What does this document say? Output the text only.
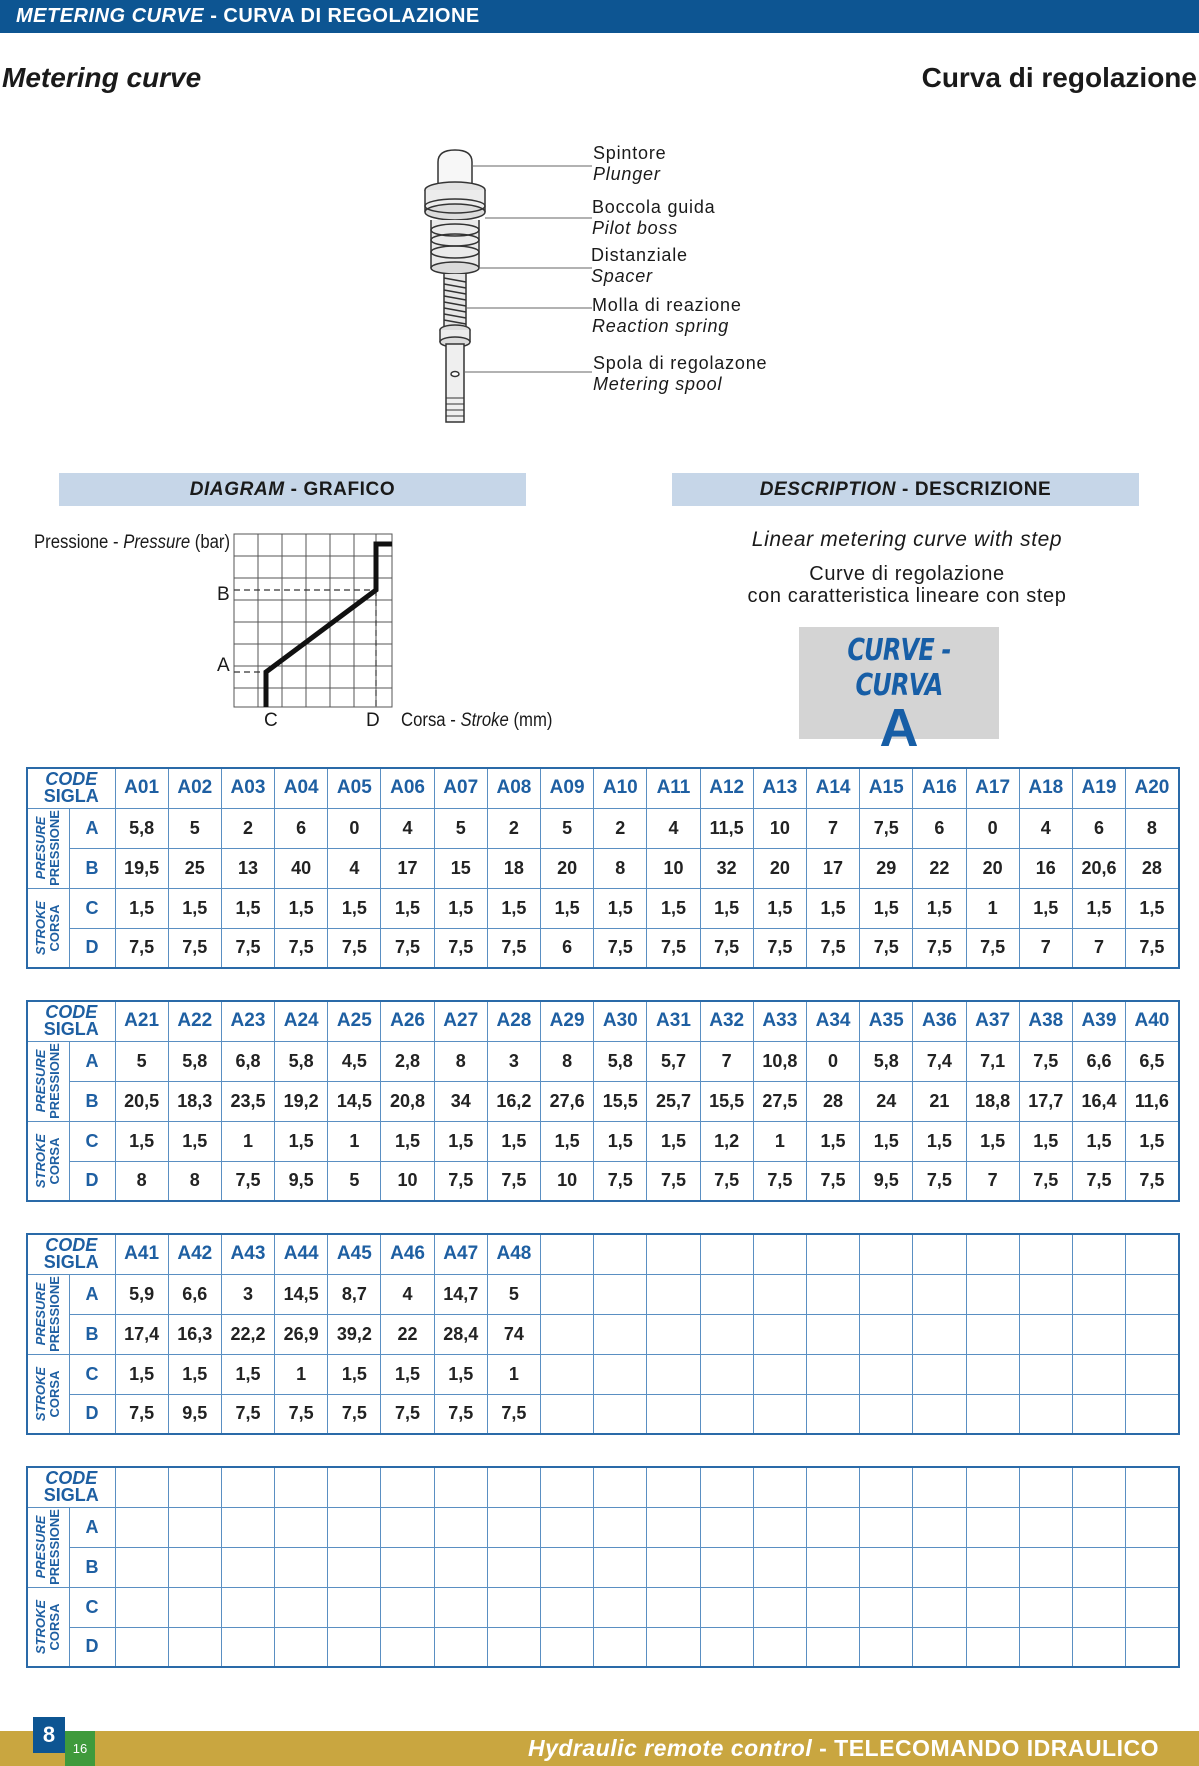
METERING CURVE - CURVA DI REGOLAZIONE
Metering curve	Curva di regolazione
Spintore
Plunger
Boccola guida
Pilot boss
Distanziale
Spacer
Molla di reazione
Reaction spring
Spola di regolazone
Metering spool
DIAGRAM - GRAFICO	DESCRIPTION - DESCRIZIONE
Pressione - Pressure (bar)
B
A
C	D Corsa - Stroke (mm)
Linear metering curve with step
Curve di regolazione
con caratteristica lineare con step
CURVE - CURVA
A
CODE
SIGLA		A01	A02	A03	A04	A05	A06	A07	A08	A09	A10	A11	A12	A13	A14	A15	A16	A17	A18	A19	A20

PRESURE PRESSIONE	A	5,8	5	2	6	0	4	5	2	5	2	4	11,5	10	7	7,5	6	0	4	6	8
	B	19,5	25	13	40	4	17	15	18	20	8	10	32	20	17	29	22	20	16	20,6	28

STROKE CORSA	C	1,5	1,5	1,5	1,5	1,5	1,5	1,5	1,5	1,5	1,5	1,5	1,5	1,5	1,5	1,5	1,5	1	1,5	1,5	1,5
	D	7,5	7,5	7,5	7,5	7,5	7,5	7,5	7,5	6	7,5	7,5	7,5	7,5	7,5	7,5	7,5	7,5	7	7	7,5
CODE
SIGLA		A21	A22	A23	A24	A25	A26	A27	A28	A29	A30	A31	A32	A33	A34	A35	A36	A37	A38	A39	A40

PRESURE PRESSIONE	A	5	5,8	6,8	5,8	4,5	2,8	8	3	8	5,8	5,7	7	10,8	0	5,8	7,4	7,1	7,5	6,6	6,5
	B	20,5	18,3	23,5	19,2	14,5	20,8	34	16,2	27,6	15,5	25,7	15,5	27,5	28	24	21	18,8	17,7	16,4	11,6

STROKE CORSA	C	1,5	1,5	1	1,5	1	1,5	1,5	1,5	1,5	1,5	1,5	1,2	1	1,5	1,5	1,5	1,5	1,5	1,5	1,5
	D	8	8	7,5	9,5	5	10	7,5	7,5	10	7,5	7,5	7,5	7,5	7,5	9,5	7,5	7	7,5	7,5	7,5
CODE
SIGLA		A41	A42	A43	A44	A45	A46	A47	A48												

PRESURE PRESSIONE	A	5,9	6,6	3	14,5	8,7	4	14,7	5												
	B	17,4	16,3	22,2	26,9	39,2	22	28,4	74												

STROKE CORSA	C	1,5	1,5	1,5	1	1,5	1,5	1,5	1												
	D	7,5	9,5	7,5	7,5	7,5	7,5	7,5	7,5												
CODE
SIGLA																					

PRESURE PRESSIONE	A																				
	B																				

STROKE CORSA	C																				
	D																				
Hydraulic remote control - TELECOMANDO IDRAULICO
8
16
